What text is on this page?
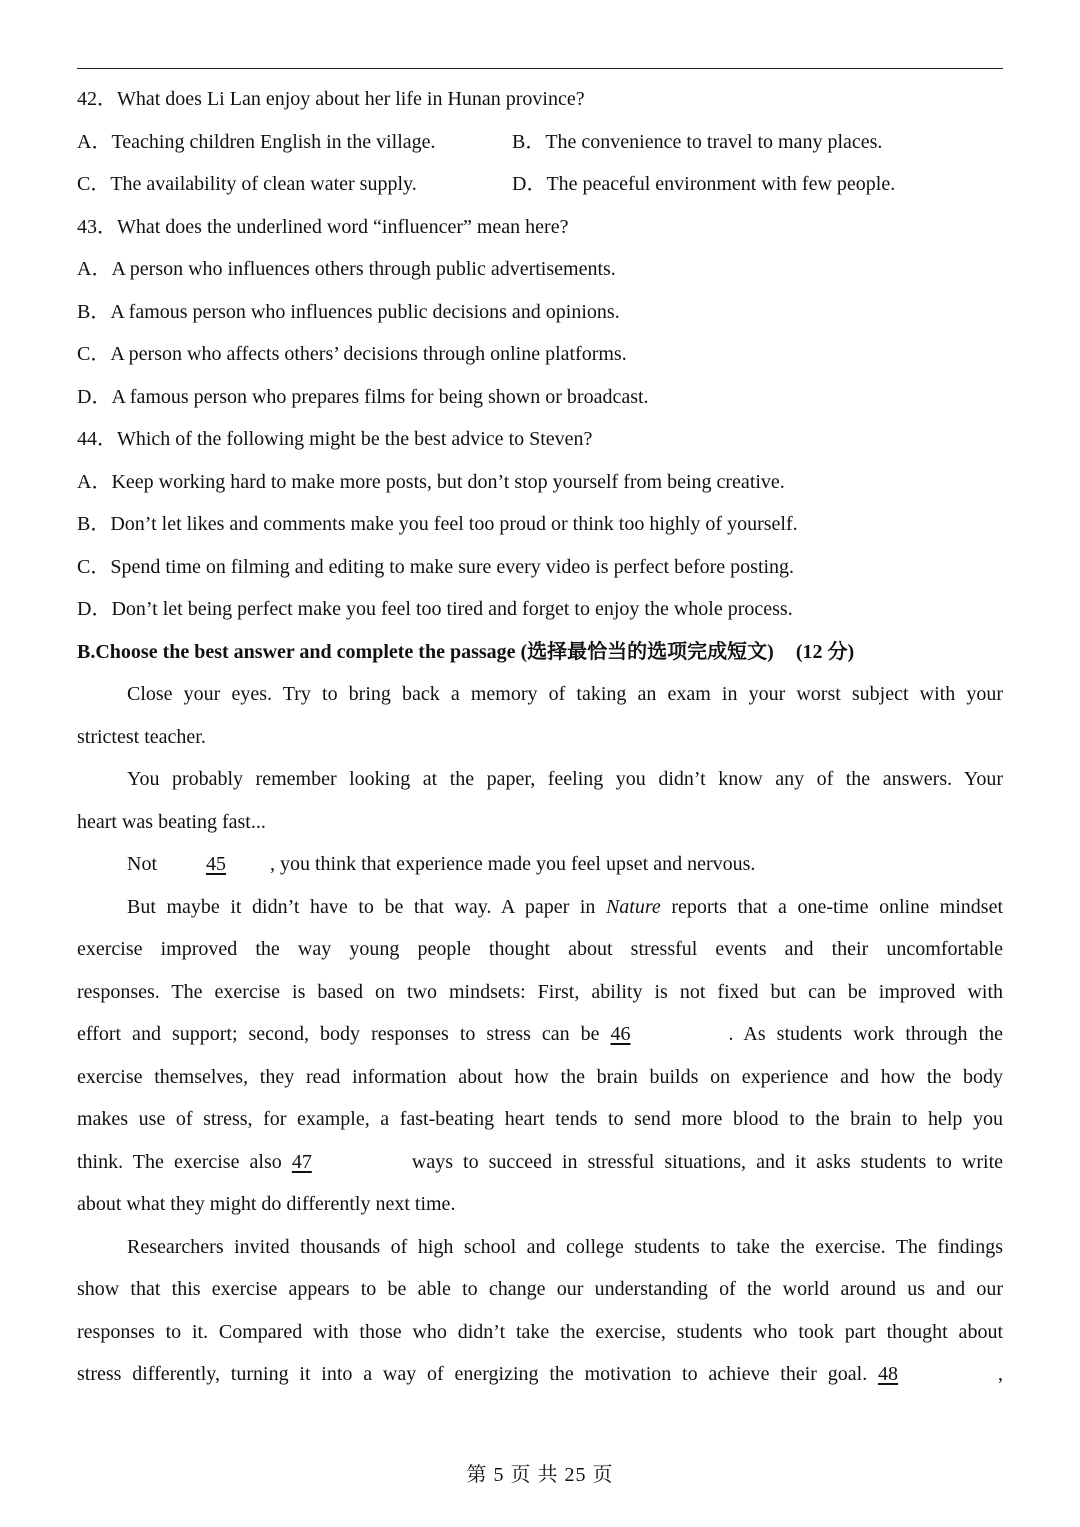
42．What does Li Lan enjoy about her life in Hunan province?
A．Teaching children English in the village.	B．The convenience to travel to many places.
C．The availability of clean water supply.	D．The peaceful environment with few people.
43．What does the underlined word “influencer” mean here?
A．A person who influences others through public advertisements.
B．A famous person who influences public decisions and opinions.
C．A person who affects others’ decisions through online platforms.
D．A famous person who prepares films for being shown or broadcast.
44．Which of the following might be the best advice to Steven?
A．Keep working hard to make more posts, but don’t stop yourself from being creative.
B．Don’t let likes and comments make you feel too proud or think too highly of yourself.
C．Spend time on filming and editing to make sure every video is perfect before posting.
D．Don’t let being perfect make you feel too tired and forget to enjoy the whole process.
B.Choose the best answer and complete the passage (选择最恰当的选项完成短文) (12 分)
Close your eyes. Try to bring back a memory of taking an exam in your worst subject with your
strictest teacher.
You probably remember looking at the paper, feeling you didn’t know any of the answers. Your
heart was beating fast...
Not 45 , you think that experience made you feel upset and nervous.
But maybe it didn’t have to be that way. A paper in Nature reports that a one-time online mindset
exercise improved the way young people thought about stressful events and their uncomfortable
responses. The exercise is based on two mindsets: First, ability is not fixed but can be improved with
effort and support; second, body responses to stress can be 46	. As students work through the
exercise themselves, they read information about how the brain builds on experience and how the body
makes use of stress, for example, a fast-beating heart tends to send more blood to the brain to help you
think. The exercise also 47	ways to succeed in stressful situations, and it asks students to write
about what they might do differently next time.
Researchers invited thousands of high school and college students to take the exercise. The findings
show that this exercise appears to be able to change our understanding of the world around us and our
responses to it. Compared with those who didn’t take the exercise, students who took part thought about
stress differently, turning it into a way of energizing the motivation to achieve their goal. 48	,
第 5 页 共 25 页
